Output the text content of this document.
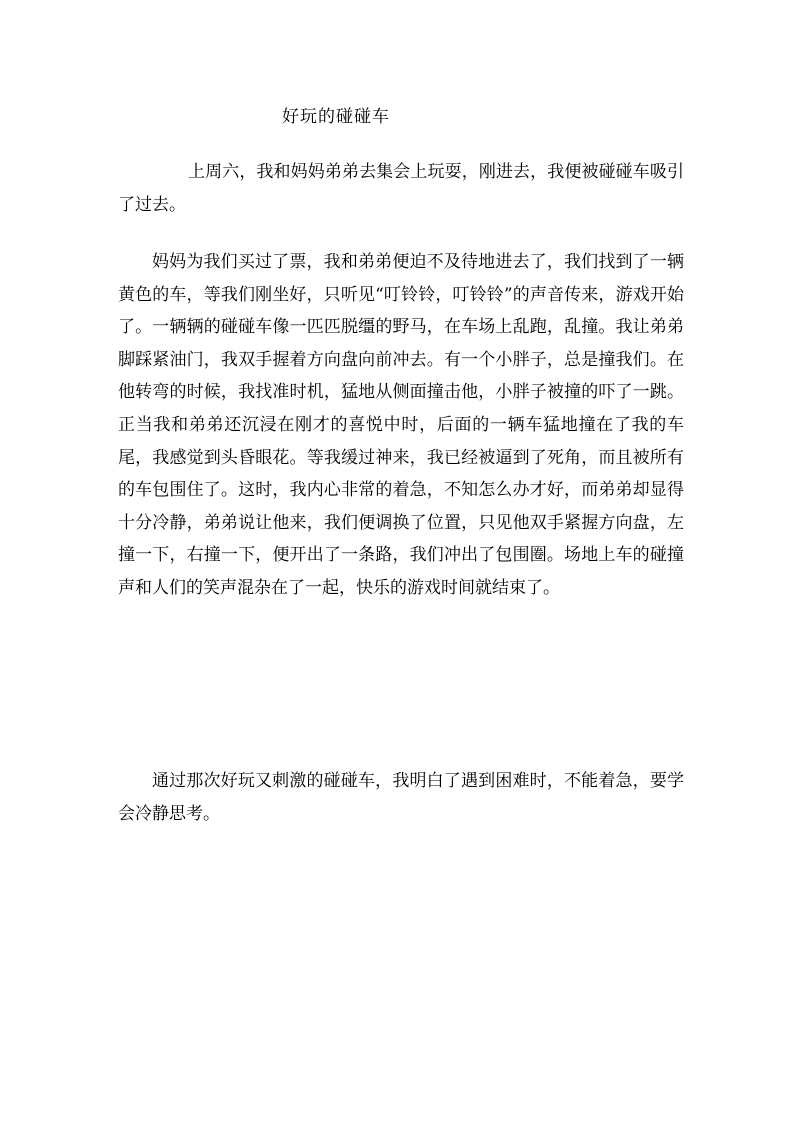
好玩的碰碰车

上周六，我和妈妈弟弟去集会上玩耍，刚进去，我便被碰碰车吸引了过去。

妈妈为我们买过了票，我和弟弟便迫不及待地进去了，我们找到了一辆黄色的车，等我们刚坐好，只听见“叮铃铃，叮铃铃”的声音传来，游戏开始了。一辆辆的碰碰车像一匹匹脱缰的野马，在车场上乱跑，乱撞。我让弟弟脚踩紧油门，我双手握着方向盘向前冲去。有一个小胖子，总是撞我们。在他转弯的时候，我找准时机，猛地从侧面撞击他，小胖子被撞的吓了一跳。正当我和弟弟还沉浸在刚才的喜悦中时，后面的一辆车猛地撞在了我的车尾，我感觉到头昏眼花。等我缓过神来，我已经被逼到了死角，而且被所有的车包围住了。这时，我内心非常的着急，不知怎么办才好，而弟弟却显得十分冷静，弟弟说让他来，我们便调换了位置，只见他双手紧握方向盘，左撞一下，右撞一下，便开出了一条路，我们冲出了包围圈。场地上车的碰撞声和人们的笑声混杂在了一起，快乐的游戏时间就结束了。

通过那次好玩又刺激的碰碰车，我明白了遇到困难时，不能着急，要学会冷静思考。
